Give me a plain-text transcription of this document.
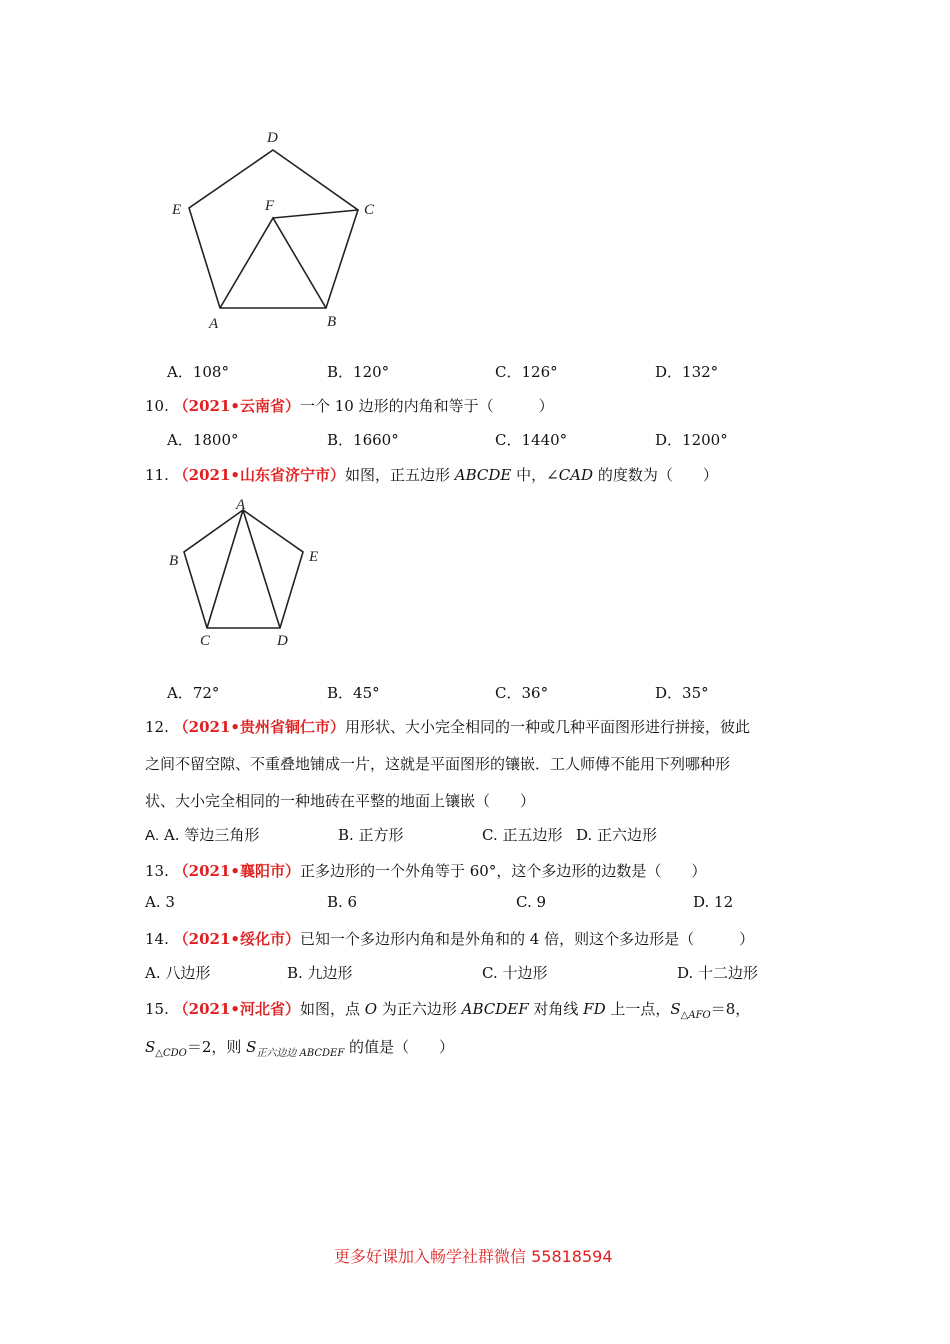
D
E	F	C
A	B
A．108°	B．120°	C．126°	D．132°
10. （2021•云南省）一个 10 边形的内角和等于（　　　）
A．1800°	B．1660°	C．1440°	D．1200°
11. （2021•山东省济宁市）如图，正五边形 ABCDE 中，∠CAD 的度数为（　　）
A
B	E
C	D
A．72°	B．45°	C．36°	D．35°
12. （2021•贵州省铜仁市）用形状、大小完全相同的一种或几种平面图形进行拼接，彼此
之间不留空隙、不重叠地铺成一片，这就是平面图形的镶嵌．工人师傅不能用下列哪种形
状、大小完全相同的一种地砖在平整的地面上镶嵌（　　）
A. A. 等边三角形	B. 正方形	C. 正五边形 D. 正六边形
13. （2021•襄阳市）正多边形的一个外角等于 60°，这个多边形的边数是（　　）
A. 3	B. 6	C. 9	D. 12
14. （2021•绥化市）已知一个多边形内角和是外角和的 4 倍，则这个多边形是（　　　）
A. 八边形	B. 九边形	C. 十边形	D. 十二边形
15. （2021•河北省）如图，点 O 为正六边形 ABCDEF 对角线 FD 上一点，$S_{\triangle AFO}=8$，
$S_{\triangle CDO}=2$，则 $S_{正六边边 ABCDEF}$ 的值是（　　）
更多好课加入畅学社群微信 55818594
